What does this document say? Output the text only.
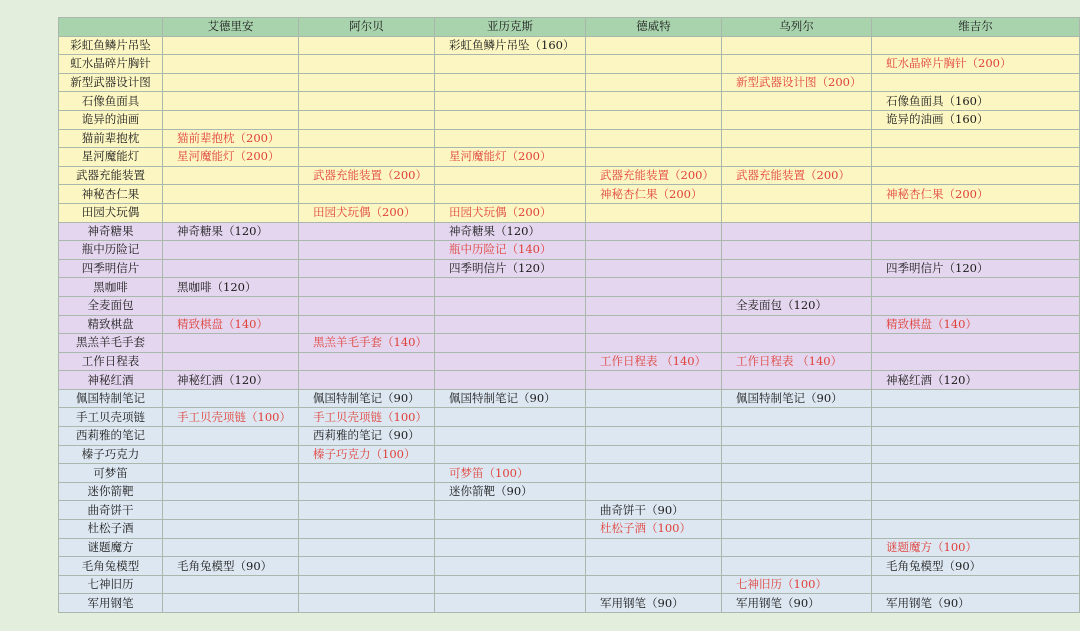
	艾德里安	阿尔贝	亚历克斯	德威特	乌列尔	维吉尔
彩虹鱼鳞片吊坠			彩虹鱼鳞片吊坠（160）			
虹水晶碎片胸针						虹水晶碎片胸针（200）
新型武器设计图					新型武器设计图（200）	
石像鱼面具						石像鱼面具（160）
诡异的油画						诡异的油画（160）
猫前辈抱枕	猫前辈抱枕（200）					
星河魔能灯	星河魔能灯（200）		星河魔能灯（200）			
武器充能装置		武器充能装置（200）		武器充能装置（200）	武器充能装置（200）	
神秘杏仁果				神秘杏仁果（200）		神秘杏仁果（200）
田园犬玩偶		田园犬玩偶（200）	田园犬玩偶（200）			
神奇糖果	神奇糖果（120）		神奇糖果（120）			
瓶中历险记			瓶中历险记（140）			
四季明信片			四季明信片（120）			四季明信片（120）
黑咖啡	黑咖啡（120）					
全麦面包					全麦面包（120）	
精致棋盘	精致棋盘（140）					精致棋盘（140）
黑羔羊毛手套		黑羔羊毛手套（140）				
工作日程表				工作日程表 （140）	工作日程表 （140）	
神秘红酒	神秘红酒（120）					神秘红酒（120）
佩国特制笔记		佩国特制笔记（90）	佩国特制笔记（90）		佩国特制笔记（90）	
手工贝壳项链	手工贝壳项链（100）	手工贝壳项链（100）				
西莉雅的笔记		西莉雅的笔记（90）				
榛子巧克力		榛子巧克力（100）				
可梦笛			可梦笛（100）			
迷你箭靶			迷你箭靶（90）			
曲奇饼干				曲奇饼干（90）		
杜松子酒				杜松子酒（100）		
谜题魔方						谜题魔方（100）
毛角兔模型	毛角兔模型（90）					毛角兔模型（90）
七神旧历					七神旧历（100）	
军用钢笔				军用钢笔（90）	军用钢笔（90）	军用钢笔（90）
